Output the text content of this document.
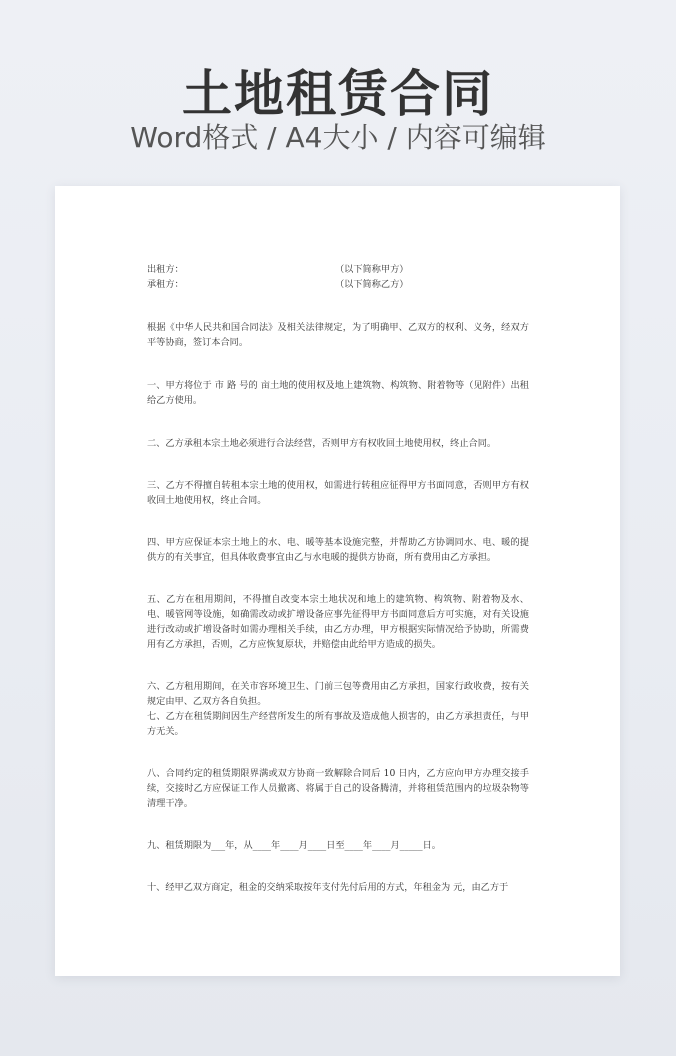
土地租赁合同
Word格式 / A4大小 / 内容可编辑
出租方：	（以下简称甲方）
承租方：	（以下简称乙方）

根据《中华人民共和国合同法》及相关法律规定，为了明确甲、乙双方的权利、义务，经双方平等协商，签订本合同。

一、甲方将位于 市 路 号的 亩土地的使用权及地上建筑物、构筑物、附着物等（见附件）出租给乙方使用。

二、乙方承租本宗土地必须进行合法经营，否则甲方有权收回土地使用权，终止合同。

三、乙方不得擅自转租本宗土地的使用权，如需进行转租应征得甲方书面同意，否则甲方有权收回土地使用权，终止合同。

四、甲方应保证本宗土地上的水、电、暖等基本设施完整，并帮助乙方协调同水、电、暖的提供方的有关事宜，但具体收费事宜由乙与水电暖的提供方协商，所有费用由乙方承担。

五、乙方在租用期间，不得擅自改变本宗土地状况和地上的建筑物、构筑物、附着物及水、电、暖管网等设施，如确需改动或扩增设备应事先征得甲方书面同意后方可实施，对有关设施进行改动或扩增设备时如需办理相关手续，由乙方办理，甲方根据实际情况给予协助，所需费用有乙方承担，否则，乙方应恢复原状，并赔偿由此给甲方造成的损失。

六、乙方租用期间，在关市容环境卫生、门前三包等费用由乙方承担，国家行政收费，按有关规定由甲、乙双方各自负担。

七、乙方在租赁期间因生产经营所发生的所有事故及造成他人损害的，由乙方承担责任，与甲方无关。

八、合同约定的租赁期限界满或双方协商一致解除合同后 10 日内，乙方应向甲方办理交接手续，交接时乙方应保证工作人员撤离、将属于自己的设备腾清，并将租赁范围内的垃圾杂物等清理干净。

九、租赁期限为___年，从____年____月____日至____年____月_____日。

十、经甲乙双方商定，租金的交纳采取按年支付先付后用的方式，年租金为 元，由乙方于
